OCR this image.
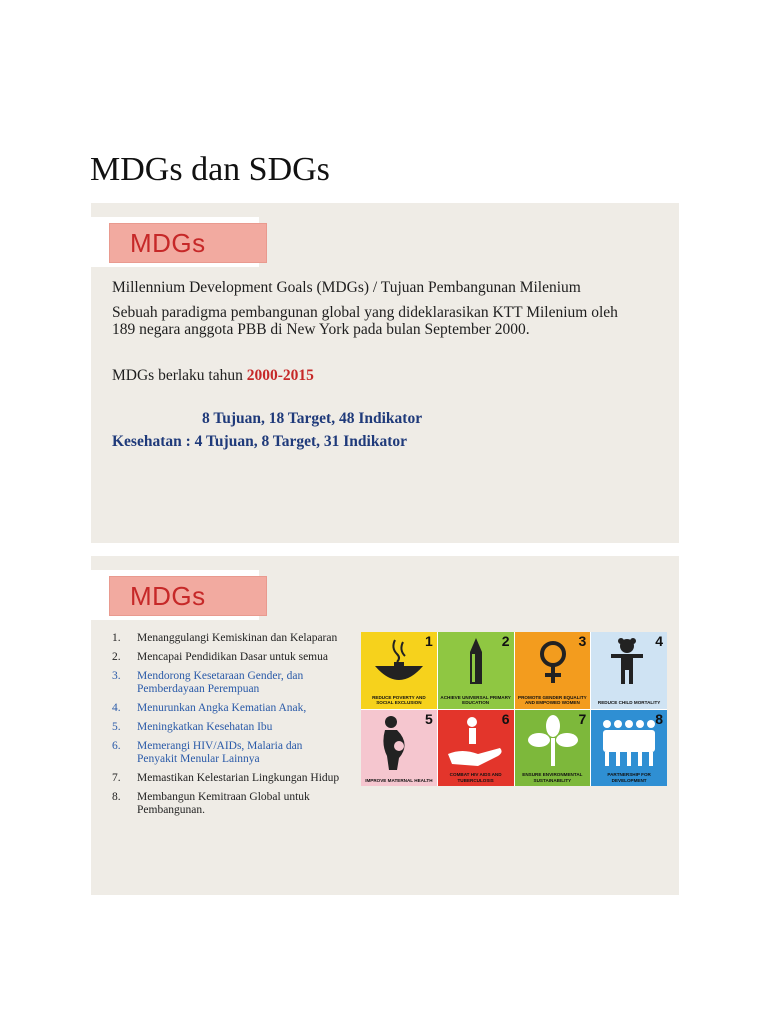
MDGs dan SDGs
MDGs
Millennium Development Goals (MDGs) / Tujuan Pembangunan Milenium
Sebuah paradigma pembangunan global yang dideklarasikan KTT Milenium oleh
189 negara anggota PBB di New York pada bulan September 2000.
MDGs berlaku tahun 2000-2015
8 Tujuan, 18 Target, 48 Indikator
Kesehatan : 4 Tujuan, 8 Target, 31 Indikator
MDGs
1. Menanggulangi Kemiskinan dan Kelaparan
2. Mencapai Pendidikan Dasar untuk semua
3. Mendorong Kesetaraan Gender, dan Pemberdayaan Perempuan
4. Menurunkan Angka Kematian Anak,
5. Meningkatkan Kesehatan Ibu
6. Memerangi HIV/AIDs, Malaria dan Penyakit Menular Lainnya
7. Memastikan Kelestarian Lingkungan Hidup
8. Membangun Kemitraan Global untuk Pembangunan.
1
REDUCE POVERTY AND SOCIAL EXCLUSION
2
ACHIEVE UNIVERSAL PRIMARY EDUCATION
3
PROMOTE GENDER EQUALITY AND EMPOWED WOMEN
4
REDUCE CHILD MORTALITY
5
IMPROVE MATERNAL HEALTH
6
COMBAT HIV AIDS AND TUBERCULOSIS
7
ENSURE ENVIRONMENTAL SUSTAINABILITY
8
PARTNERSHIP FOR DEVELOPMENT
